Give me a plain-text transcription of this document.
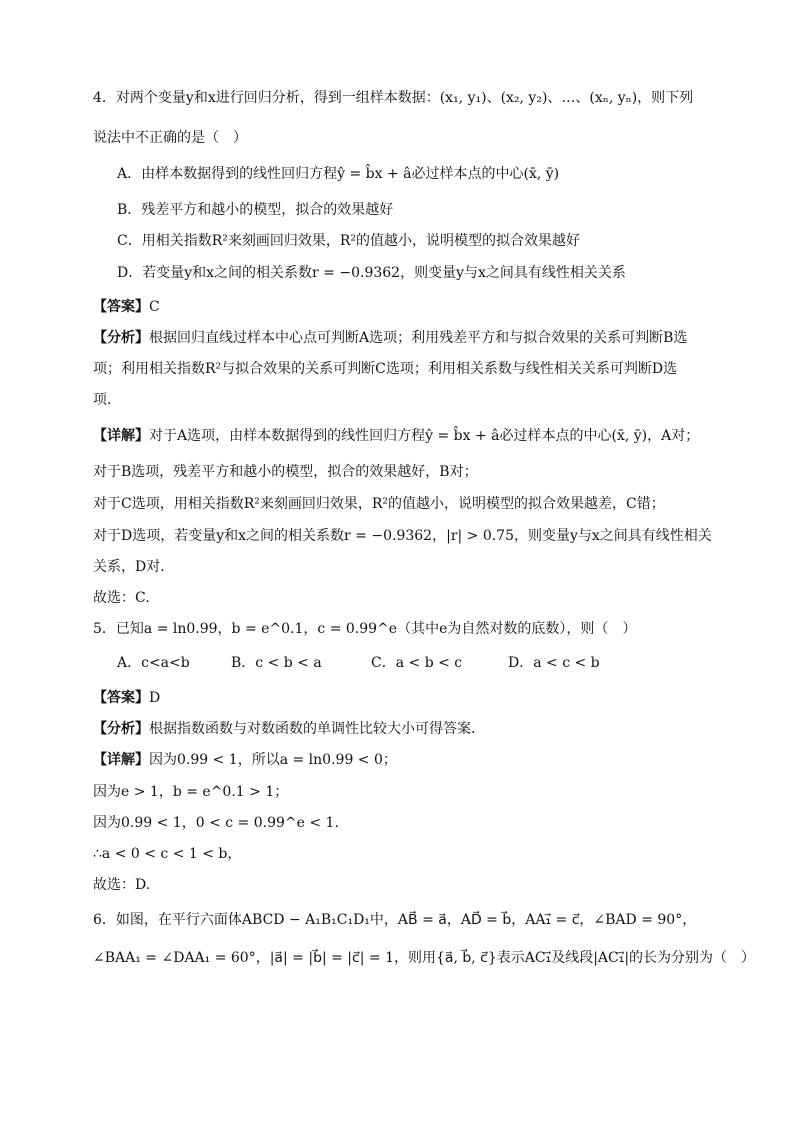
4．对两个变量y和x进行回归分析，得到一组样本数据：(x₁, y₁)、(x₂, y₂)、…、(xₙ, yₙ)，则下列
说法中不正确的是（　）
A．由样本数据得到的线性回归方程ŷ = b̂x + â必过样本点的中心(x̄, ȳ)
B．残差平方和越小的模型，拟合的效果越好
C．用相关指数R²来刻画回归效果，R²的值越小，说明模型的拟合效果越好
D．若变量y和x之间的相关系数r = −0.9362，则变量y与x之间具有线性相关关系
【答案】C
【分析】根据回归直线过样本中心点可判断A选项；利用残差平方和与拟合效果的关系可判断B选
项；利用相关指数R²与拟合效果的关系可判断C选项；利用相关系数与线性相关关系可判断D选
项.
【详解】对于A选项，由样本数据得到的线性回归方程ŷ = b̂x + â必过样本点的中心(x̄, ȳ)，A对；
对于B选项，残差平方和越小的模型，拟合的效果越好，B对；
对于C选项，用相关指数R²来刻画回归效果，R²的值越小，说明模型的拟合效果越差，C错；
对于D选项，若变量y和x之间的相关系数r = −0.9362，|r| > 0.75，则变量y与x之间具有线性相关
关系，D对.
故选：C.
5．已知a = ln0.99，b = e^0.1，c = 0.99^e（其中e为自然对数的底数），则（　）
A．c<a<b	B．c < b < a	C．a < b < c	D．a < c < b
【答案】D
【分析】根据指数函数与对数函数的单调性比较大小可得答案.
【详解】因为0.99 < 1，所以a = ln0.99 < 0；
因为e > 1，b = e^0.1 > 1；
因为0.99 < 1，0 < c = 0.99^e < 1.
∴a < 0 < c < 1 < b，
故选：D.
6．如图，在平行六面体ABCD − A₁B₁C₁D₁中，AB⃗ = a⃗，AD⃗ = b⃗，AA₁⃗ = c⃗，∠BAD = 90°，
∠BAA₁ = ∠DAA₁ = 60°，|a⃗| = |b⃗| = |c⃗| = 1，则用{a⃗, b⃗, c⃗}表示AC₁⃗及线段|AC₁⃗|的长为分别为（　）
